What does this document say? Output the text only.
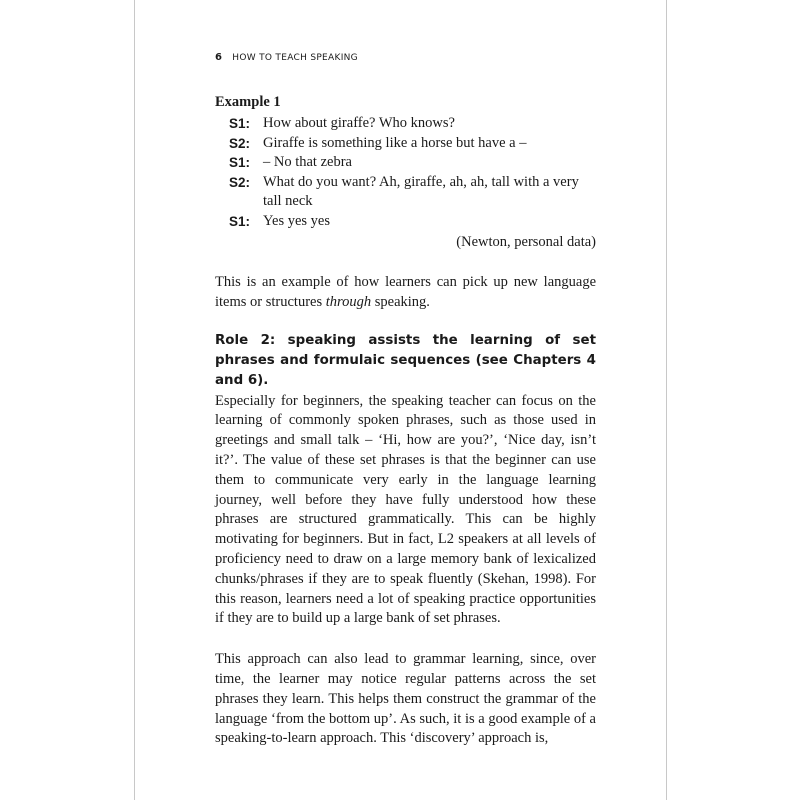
6 HOW TO TEACH SPEAKING
Example 1
S1: How about giraffe? Who knows?
S2: Giraffe is something like a horse but have a –
S1: – No that zebra
S2: What do you want? Ah, giraffe, ah, ah, tall with a very tall neck
S1: Yes yes yes
(Newton, personal data)

This is an example of how learners can pick up new language items or structures through speaking.

Role 2: speaking assists the learning of set phrases and formulaic sequences (see Chapters 4 and 6).

Especially for beginners, the speaking teacher can focus on the learning of commonly spoken phrases, such as those used in greetings and small talk – ‘Hi, how are you?’, ‘Nice day, isn’t it?’. The value of these set phrases is that the beginner can use them to communicate very early in the language learning journey, well before they have fully understood how these phrases are structured grammatically. This can be highly motivating for beginners. But in fact, L2 speakers at all levels of proficiency need to draw on a large memory bank of lexicalized chunks/phrases if they are to speak fluently (Skehan, 1998). For this reason, learners need a lot of speaking practice opportunities if they are to build up a large bank of set phrases.

This approach can also lead to grammar learning, since, over time, the learner may notice regular patterns across the set phrases they learn. This helps them construct the grammar of the language ‘from the bottom up’. As such, it is a good example of a speaking-to-learn approach. This ‘discovery’ approach is,
